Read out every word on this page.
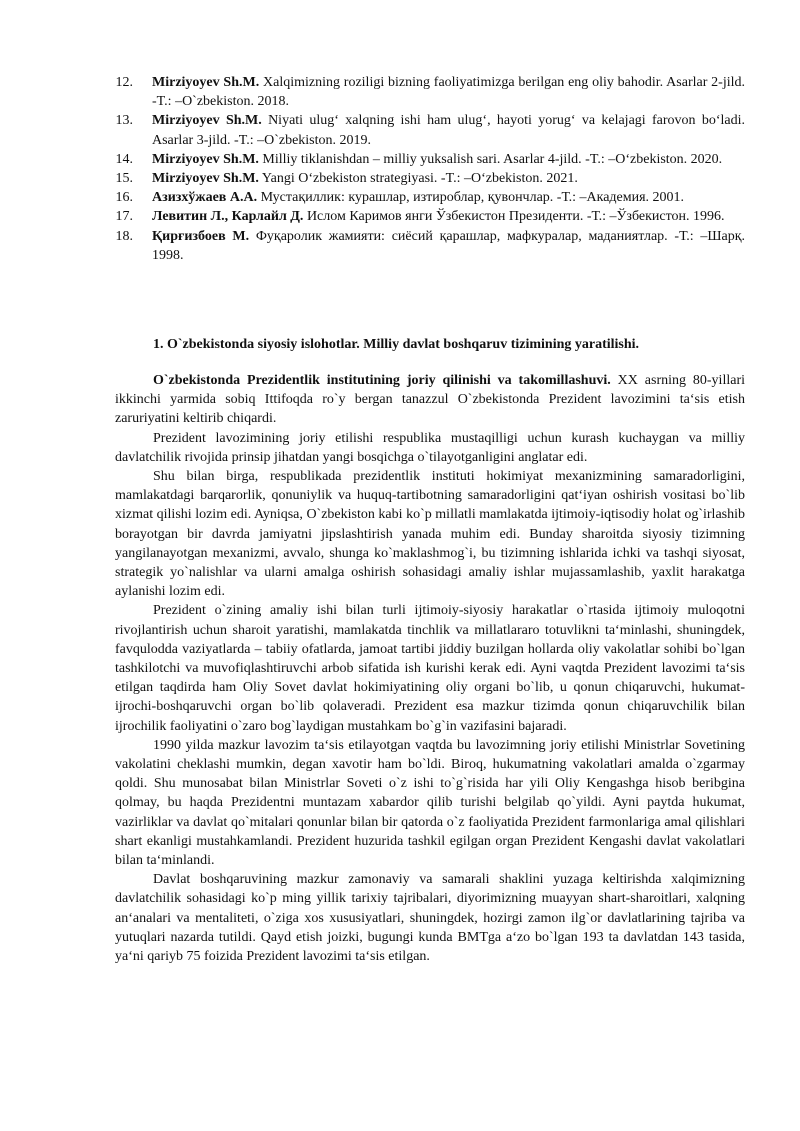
12. Mirziyoyev Sh.M. Xalqimizning roziligi bizning faoliyatimizga berilgan eng oliy bahodir. Asarlar 2-jild. -T.: –O`zbekiston. 2018.
13. Mirziyoyev Sh.M. Niyati ulug‘ xalqning ishi ham ulug‘, hayoti yorug‘ va kelajagi farovon bo‘ladi. Asarlar 3-jild. -T.: –O`zbekiston. 2019.
14. Mirziyoyev Sh.M. Milliy tiklanishdan – milliy yuksalish sari. Asarlar 4-jild. -T.: –O‘zbekiston. 2020.
15. Mirziyoyev Sh.M. Yangi O‘zbekiston strategiyasi. -T.: –O‘zbekiston. 2021.
16. Азизхўжаев А.А. Мустақиллик: курашлар, изтироблар, қувончлар. -Т.: –Академия. 2001.
17. Левитин Л., Карлайл Д. Ислом Каримов янги Ўзбекистон Президенти. -Т.: –Ўзбекистон. 1996.
18. Қирғизбоев М. Фуқаролик жамияти: сиёсий қарашлар, мафкуралар, маданиятлар. -Т.: –Шарқ. 1998.
1. O`zbekistonda siyosiy islohotlar. Milliy davlat boshqaruv tizimining yaratilishi.

O`zbekistonda Prezidentlik institutining joriy qilinishi va takomillashuvi. XX asrning 80-yillari ikkinchi yarmida sobiq Ittifoqda ro`y bergan tanazzul O`zbekistonda Prezident lavozimini ta‘sis etish zaruriyatini keltirib chiqardi.

Prezident lavozimining joriy etilishi respublika mustaqilligi uchun kurash kuchaygan va milliy davlatchilik rivojida prinsip jihatdan yangi bosqichga o`tilayotganligini anglatar edi.

Shu bilan birga, respublikada prezidentlik instituti hokimiyat mexanizmining samaradorligini, mamlakatdagi barqarorlik, qonuniylik va huquq-tartibotning samaradorligini qat‘iyan oshirish vositasi bo`lib xizmat qilishi lozim edi. Ayniqsa, O`zbekiston kabi ko`p millatli mamlakatda ijtimoiy-iqtisodiy holat og`irlashib borayotgan bir davrda jamiyatni jipslashtirish yanada muhim edi. Bunday sharoitda siyosiy tizimning yangilanayotgan mexanizmi, avvalo, shunga ko`maklashmog`i, bu tizimning ishlarida ichki va tashqi siyosat, strategik yo`nalishlar va ularni amalga oshirish sohasidagi amaliy ishlar mujassamlashib, yaxlit harakatga aylanishi lozim edi.

Prezident o`zining amaliy ishi bilan turli ijtimoiy-siyosiy harakatlar o`rtasida ijtimoiy muloqotni rivojlantirish uchun sharoit yaratishi, mamlakatda tinchlik va millatlararo totuvlikni ta‘minlashi, shuningdek, favqulodda vaziyatlarda – tabiiy ofatlarda, jamoat tartibi jiddiy buzilgan hollarda oliy vakolatlar sohibi bo`lgan tashkilotchi va muvofiqlashtiruvchi arbob sifatida ish kurishi kerak edi. Ayni vaqtda Prezident lavozimi ta‘sis etilgan taqdirda ham Oliy Sovet davlat hokimiyatining oliy organi bo`lib, u qonun chiqaruvchi, hukumat-ijrochi-boshqaruvchi organ bo`lib qolaveradi. Prezident esa mazkur tizimda qonun chiqaruvchilik bilan ijrochilik faoliyatini o`zaro bog`laydigan mustahkam bo`g`in vazifasini bajaradi.

1990 yilda mazkur lavozim ta‘sis etilayotgan vaqtda bu lavozimning joriy etilishi Ministrlar Sovetining vakolatini cheklashi mumkin, degan xavotir ham bo`ldi. Biroq, hukumatning vakolatlari amalda o`zgarmay qoldi. Shu munosabat bilan Ministrlar Soveti o`z ishi to`g`risida har yili Oliy Kengashga hisob beribgina qolmay, bu haqda Prezidentni muntazam xabardor qilib turishi belgilab qo`yildi. Ayni paytda hukumat, vazirliklar va davlat qo`mitalari qonunlar bilan bir qatorda o`z faoliyatida Prezident farmonlariga amal qilishlari shart ekanligi mustahkamlandi. Prezident huzurida tashkil egilgan organ Prezident Kengashi davlat vakolatlari bilan ta‘minlandi.

Davlat boshqaruvining mazkur zamonaviy va samarali shaklini yuzaga keltirishda xalqimizning davlatchilik sohasidagi ko`p ming yillik tarixiy tajribalari, diyorimizning muayyan shart-sharoitlari, xalqning an‘analari va mentaliteti, o`ziga xos xususiyatlari, shuningdek, hozirgi zamon ilg`or davlatlarining tajriba va yutuqlari nazarda tutildi. Qayd etish joizki, bugungi kunda BMTga a‘zo bo`lgan 193 ta davlatdan 143 tasida, ya‘ni qariyb 75 foizida Prezident lavozimi ta‘sis etilgan.
